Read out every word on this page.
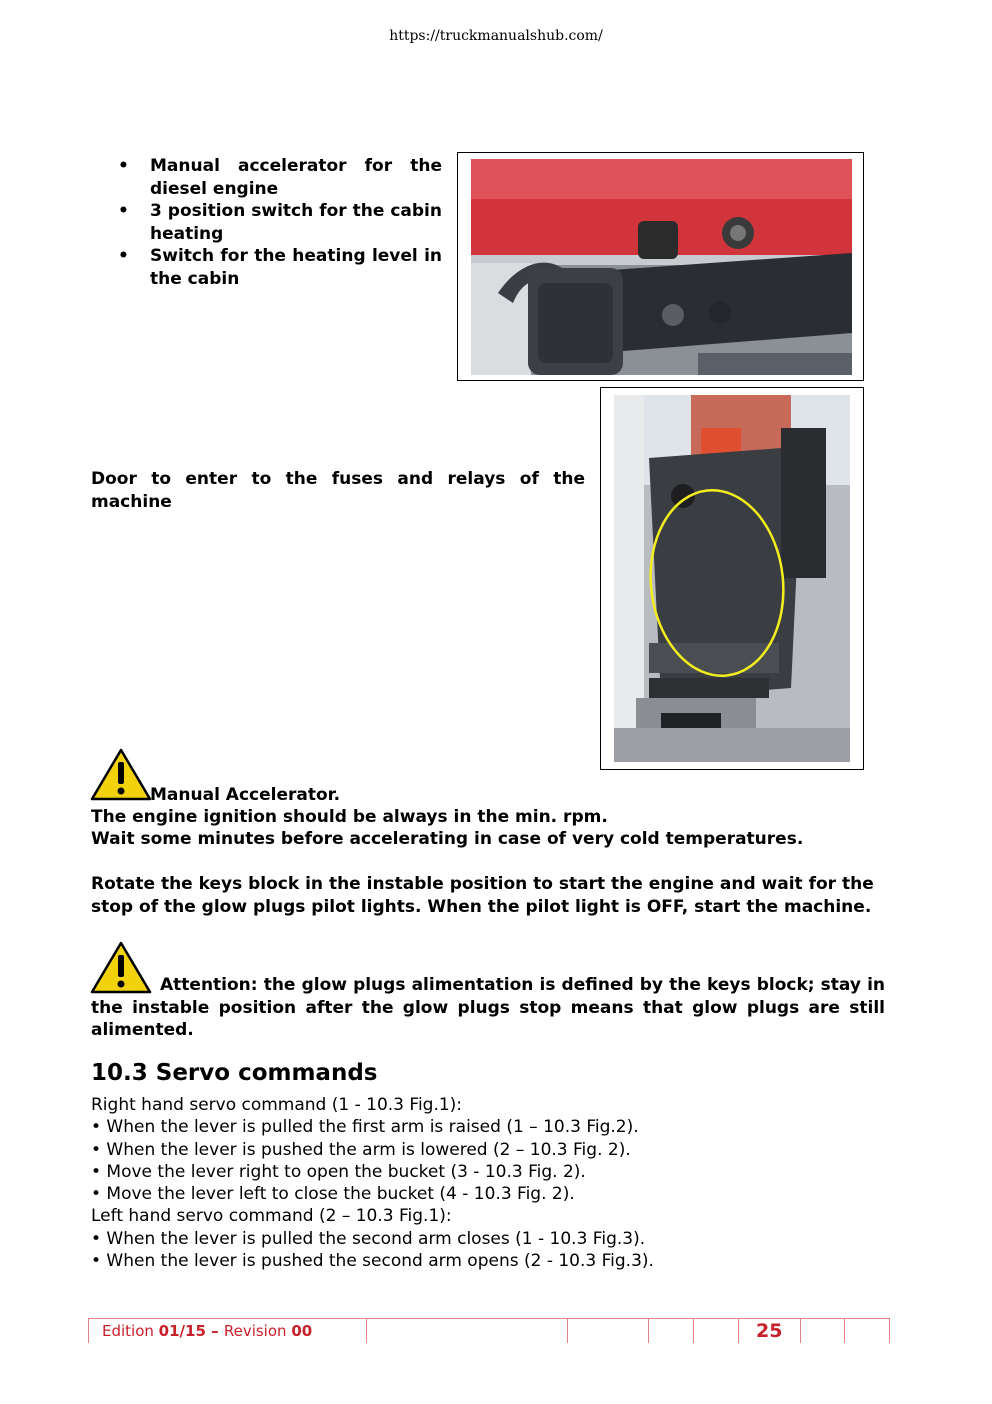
https://truckmanualshub.com/
• Manual accelerator for the diesel engine
• 3 position switch for the cabin heating
• Switch for the heating level in the cabin
Door to enter to the fuses and relays of the machine
Manual Accelerator.
The engine ignition should be always in the min. rpm.
Wait some minutes before accelerating in case of very cold temperatures.
Rotate the keys block in the instable position to start the engine and wait for the stop of the glow plugs pilot lights. When the pilot light is OFF, start the machine.
Attention: the glow plugs alimentation is defined by the keys block; stay in the instable position after the glow plugs stop means that glow plugs are still alimented.
10.3 Servo commands
Right hand servo command (1 - 10.3 Fig.1):
• When the lever is pulled the first arm is raised (1 – 10.3 Fig.2).
• When the lever is pushed the arm is lowered (2 – 10.3 Fig. 2).
• Move the lever right to open the bucket (3 - 10.3 Fig. 2).
• Move the lever left to close the bucket (4 - 10.3 Fig. 2).
Left hand servo command (2 – 10.3 Fig.1):
• When the lever is pulled the second arm closes (1 - 10.3 Fig.3).
• When the lever is pushed the second arm opens (2 - 10.3 Fig.3).
Edition 01/15 – Revision 00	25
